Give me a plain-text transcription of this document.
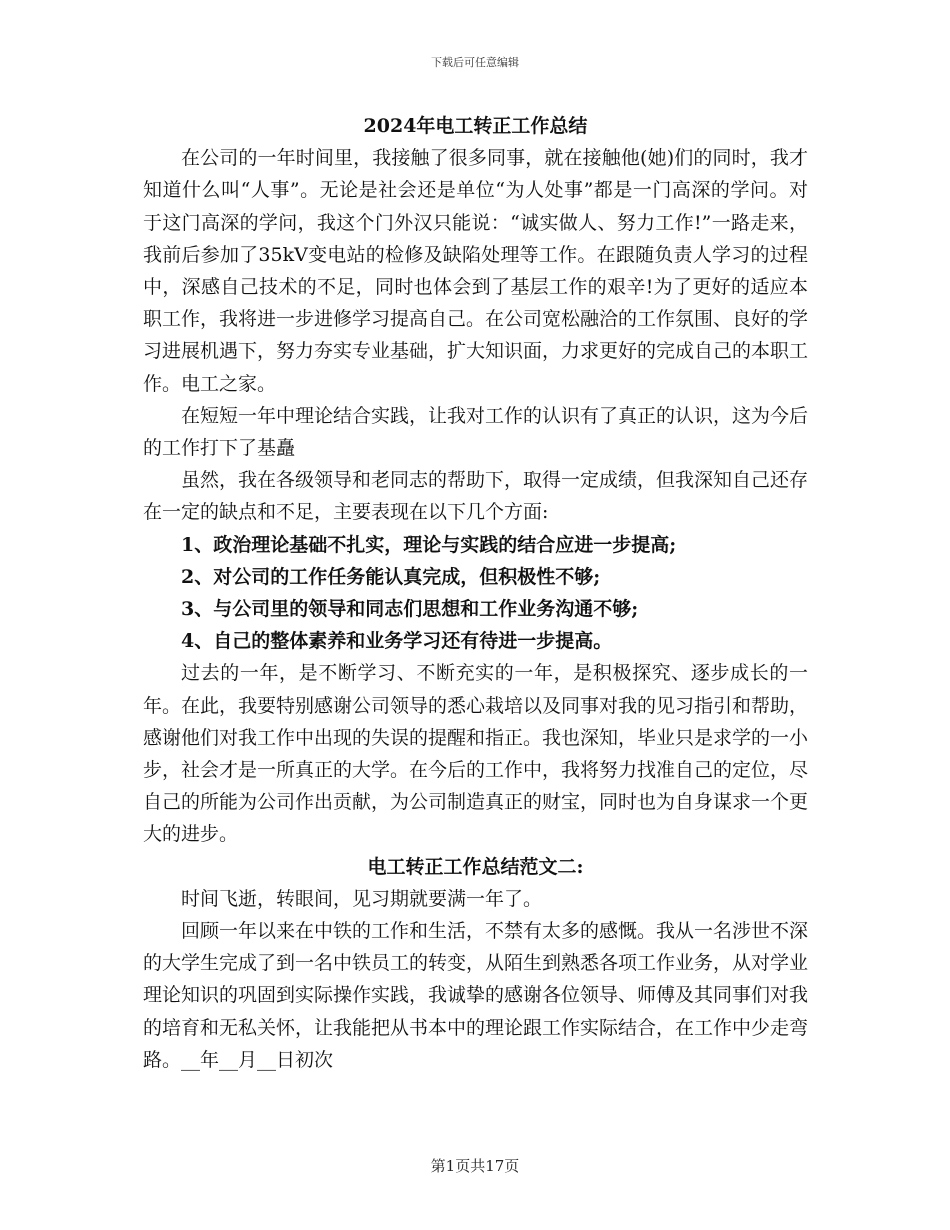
下载后可任意编辑

2024年电工转正工作总结

在公司的一年时间里，我接触了很多同事，就在接触他(她)们的同时，我才知道什么叫“人事”。无论是社会还是单位“为人处事”都是一门高深的学问。对于这门高深的学问，我这个门外汉只能说：“诚实做人、努力工作!”一路走来，我前后参加了35kV变电站的检修及缺陷处理等工作。在跟随负责人学习的过程中，深感自己技术的不足，同时也体会到了基层工作的艰辛!为了更好的适应本职工作，我将进一步进修学习提高自己。在公司宽松融洽的工作氛围、良好的学习进展机遇下，努力夯实专业基础，扩大知识面，力求更好的完成自己的本职工作。电工之家。

在短短一年中理论结合实践，让我对工作的认识有了真正的认识，这为今后的工作打下了基矗

虽然，我在各级领导和老同志的帮助下，取得一定成绩，但我深知自己还存在一定的缺点和不足，主要表现在以下几个方面:

1、政治理论基础不扎实，理论与实践的结合应进一步提高;

2、对公司的工作任务能认真完成，但积极性不够;

3、与公司里的领导和同志们思想和工作业务沟通不够;

4、自己的整体素养和业务学习还有待进一步提高。

过去的一年，是不断学习、不断充实的一年，是积极探究、逐步成长的一年。在此，我要特别感谢公司领导的悉心栽培以及同事对我的见习指引和帮助，感谢他们对我工作中出现的失误的提醒和指正。我也深知，毕业只是求学的一小步，社会才是一所真正的大学。在今后的工作中，我将努力找准自己的定位，尽自己的所能为公司作出贡献，为公司制造真正的财宝，同时也为自身谋求一个更大的进步。

电工转正工作总结范文二:

时间飞逝，转眼间，见习期就要满一年了。

回顾一年以来在中铁的工作和生活，不禁有太多的感慨。我从一名涉世不深的大学生完成了到一名中铁员工的转变，从陌生到熟悉各项工作业务，从对学业理论知识的巩固到实际操作实践，我诚挚的感谢各位领导、师傅及其同事们对我的培育和无私关怀，让我能把从书本中的理论跟工作实际结合，在工作中少走弯路。__年__月__日初次

第1页共17页
